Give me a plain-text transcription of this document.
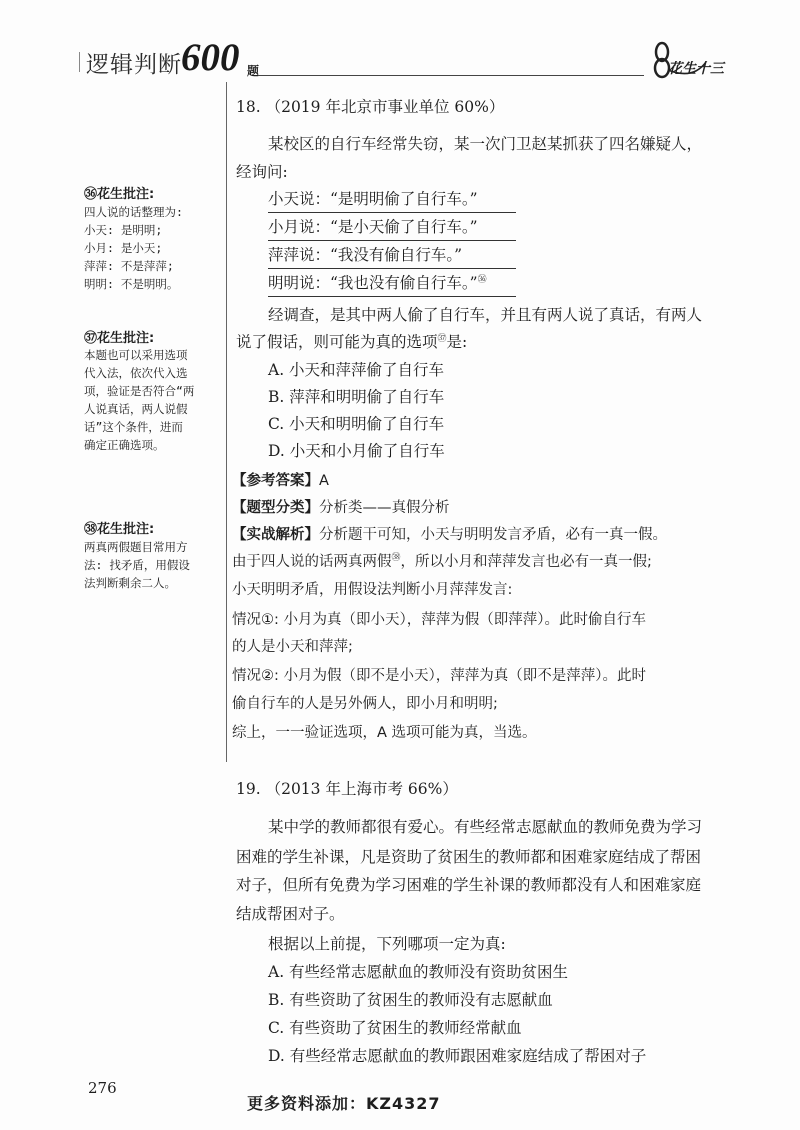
逻辑判断 600 题	花生十三
㊱花生批注:
四人说的话整理为:
小天: 是明明;
小月: 是小天;
萍萍: 不是萍萍;
明明: 不是明明。
㊲花生批注:
本题也可以采用选项
代入法，依次代入选
项，验证是否符合“两
人说真话，两人说假
话”这个条件，进而
确定正确选项。
㊳花生批注:
两真两假题目常用方
法: 找矛盾，用假设
法判断剩余二人。
18. （2019 年北京市事业单位 60%）
某校区的自行车经常失窃，某一次门卫赵某抓获了四名嫌疑人，
经询问:
小天说：“是明明偷了自行车。”
小月说：“是小天偷了自行车。”
萍萍说：“我没有偷自行车。”
明明说：“我也没有偷自行车。”$^㊱$
经调查，是其中两人偷了自行车，并且有两人说了真话，有两人
说了假话，则可能为真的选项$^㊲$是:
A. 小天和萍萍偷了自行车
B. 萍萍和明明偷了自行车
C. 小天和明明偷了自行车
D. 小天和小月偷了自行车
【参考答案】A
【题型分类】分析类——真假分析
【实战解析】分析题干可知，小天与明明发言矛盾，必有一真一假。
由于四人说的话两真两假$^㊳$，所以小月和萍萍发言也必有一真一假;
小天明明矛盾，用假设法判断小月萍萍发言:
情况①: 小月为真（即小天），萍萍为假（即萍萍）。此时偷自行车
的人是小天和萍萍;
情况②: 小月为假（即不是小天），萍萍为真（即不是萍萍）。此时
偷自行车的人是另外俩人，即小月和明明;
综上，一一验证选项，A 选项可能为真，当选。
19. （2013 年上海市考 66%）
某中学的教师都很有爱心。有些经常志愿献血的教师免费为学习
困难的学生补课，凡是资助了贫困生的教师都和困难家庭结成了帮困
对子，但所有免费为学习困难的学生补课的教师都没有人和困难家庭
结成帮困对子。
根据以上前提，下列哪项一定为真:
A. 有些经常志愿献血的教师没有资助贫困生
B. 有些资助了贫困生的教师没有志愿献血
C. 有些资助了贫困生的教师经常献血
D. 有些经常志愿献血的教师跟困难家庭结成了帮困对子
276
更多资料添加：KZ4327
